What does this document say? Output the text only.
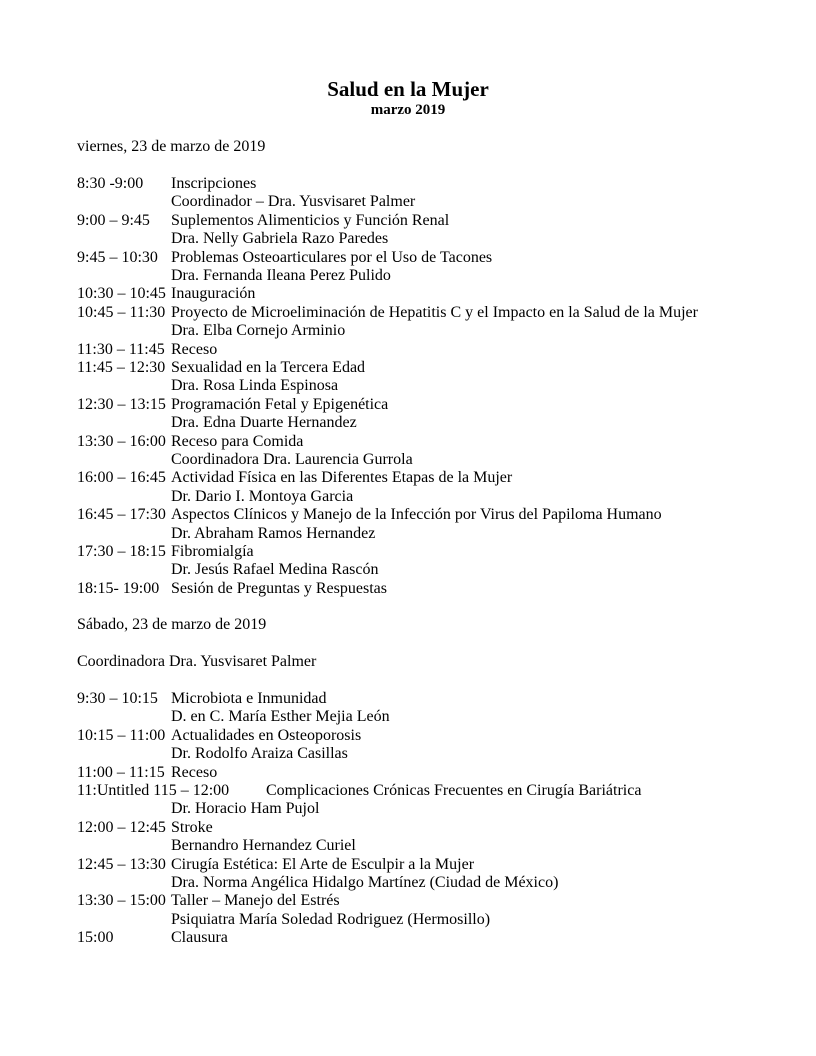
Salud en la Mujer
marzo 2019
viernes, 23 de marzo de 2019
8:30 -9:00 Inscripciones
Coordinador – Dra. Yusvisaret Palmer
9:00 – 9:45 Suplementos Alimenticios y Función Renal
Dra. Nelly Gabriela Razo Paredes
9:45 – 10:30 Problemas Osteoarticulares por el Uso de Tacones
Dra. Fernanda Ileana Perez Pulido
10:30 – 10:45 Inauguración
10:45 – 11:30 Proyecto de Microeliminación de Hepatitis C y el Impacto en la Salud de la Mujer
Dra. Elba Cornejo Arminio
11:30 – 11:45 Receso
11:45 – 12:30 Sexualidad en la Tercera Edad
Dra. Rosa Linda Espinosa
12:30 – 13:15 Programación Fetal y Epigenética
Dra. Edna Duarte Hernandez
13:30 – 16:00 Receso para Comida
Coordinadora Dra. Laurencia Gurrola
16:00 – 16:45 Actividad Física en las Diferentes Etapas de la Mujer
Dr. Dario I. Montoya Garcia
16:45 – 17:30 Aspectos Clínicos y Manejo de la Infección por Virus del Papiloma Humano
Dr. Abraham Ramos Hernandez
17:30 – 18:15 Fibromialgía
Dr. Jesús Rafael Medina Rascón
18:15- 19:00 Sesión de Preguntas y Respuestas
Sábado, 23 de marzo de 2019
Coordinadora Dra. Yusvisaret Palmer
9:30 – 10:15 Microbiota e Inmunidad
D. en C. María Esther Mejia León
10:15 – 11:00 Actualidades en Osteoporosis
Dr. Rodolfo Araiza Casillas
11:00 – 11:15 Receso
11:Untitled 115 – 12:00 Complicaciones Crónicas Frecuentes en Cirugía Bariátrica
Dr. Horacio Ham Pujol
12:00 – 12:45 Stroke
Bernandro Hernandez Curiel
12:45 – 13:30 Cirugía Estética: El Arte de Esculpir a la Mujer
Dra. Norma Angélica Hidalgo Martínez (Ciudad de México)
13:30 – 15:00 Taller – Manejo del Estrés
Psiquiatra María Soledad Rodriguez (Hermosillo)
15:00	Clausura
